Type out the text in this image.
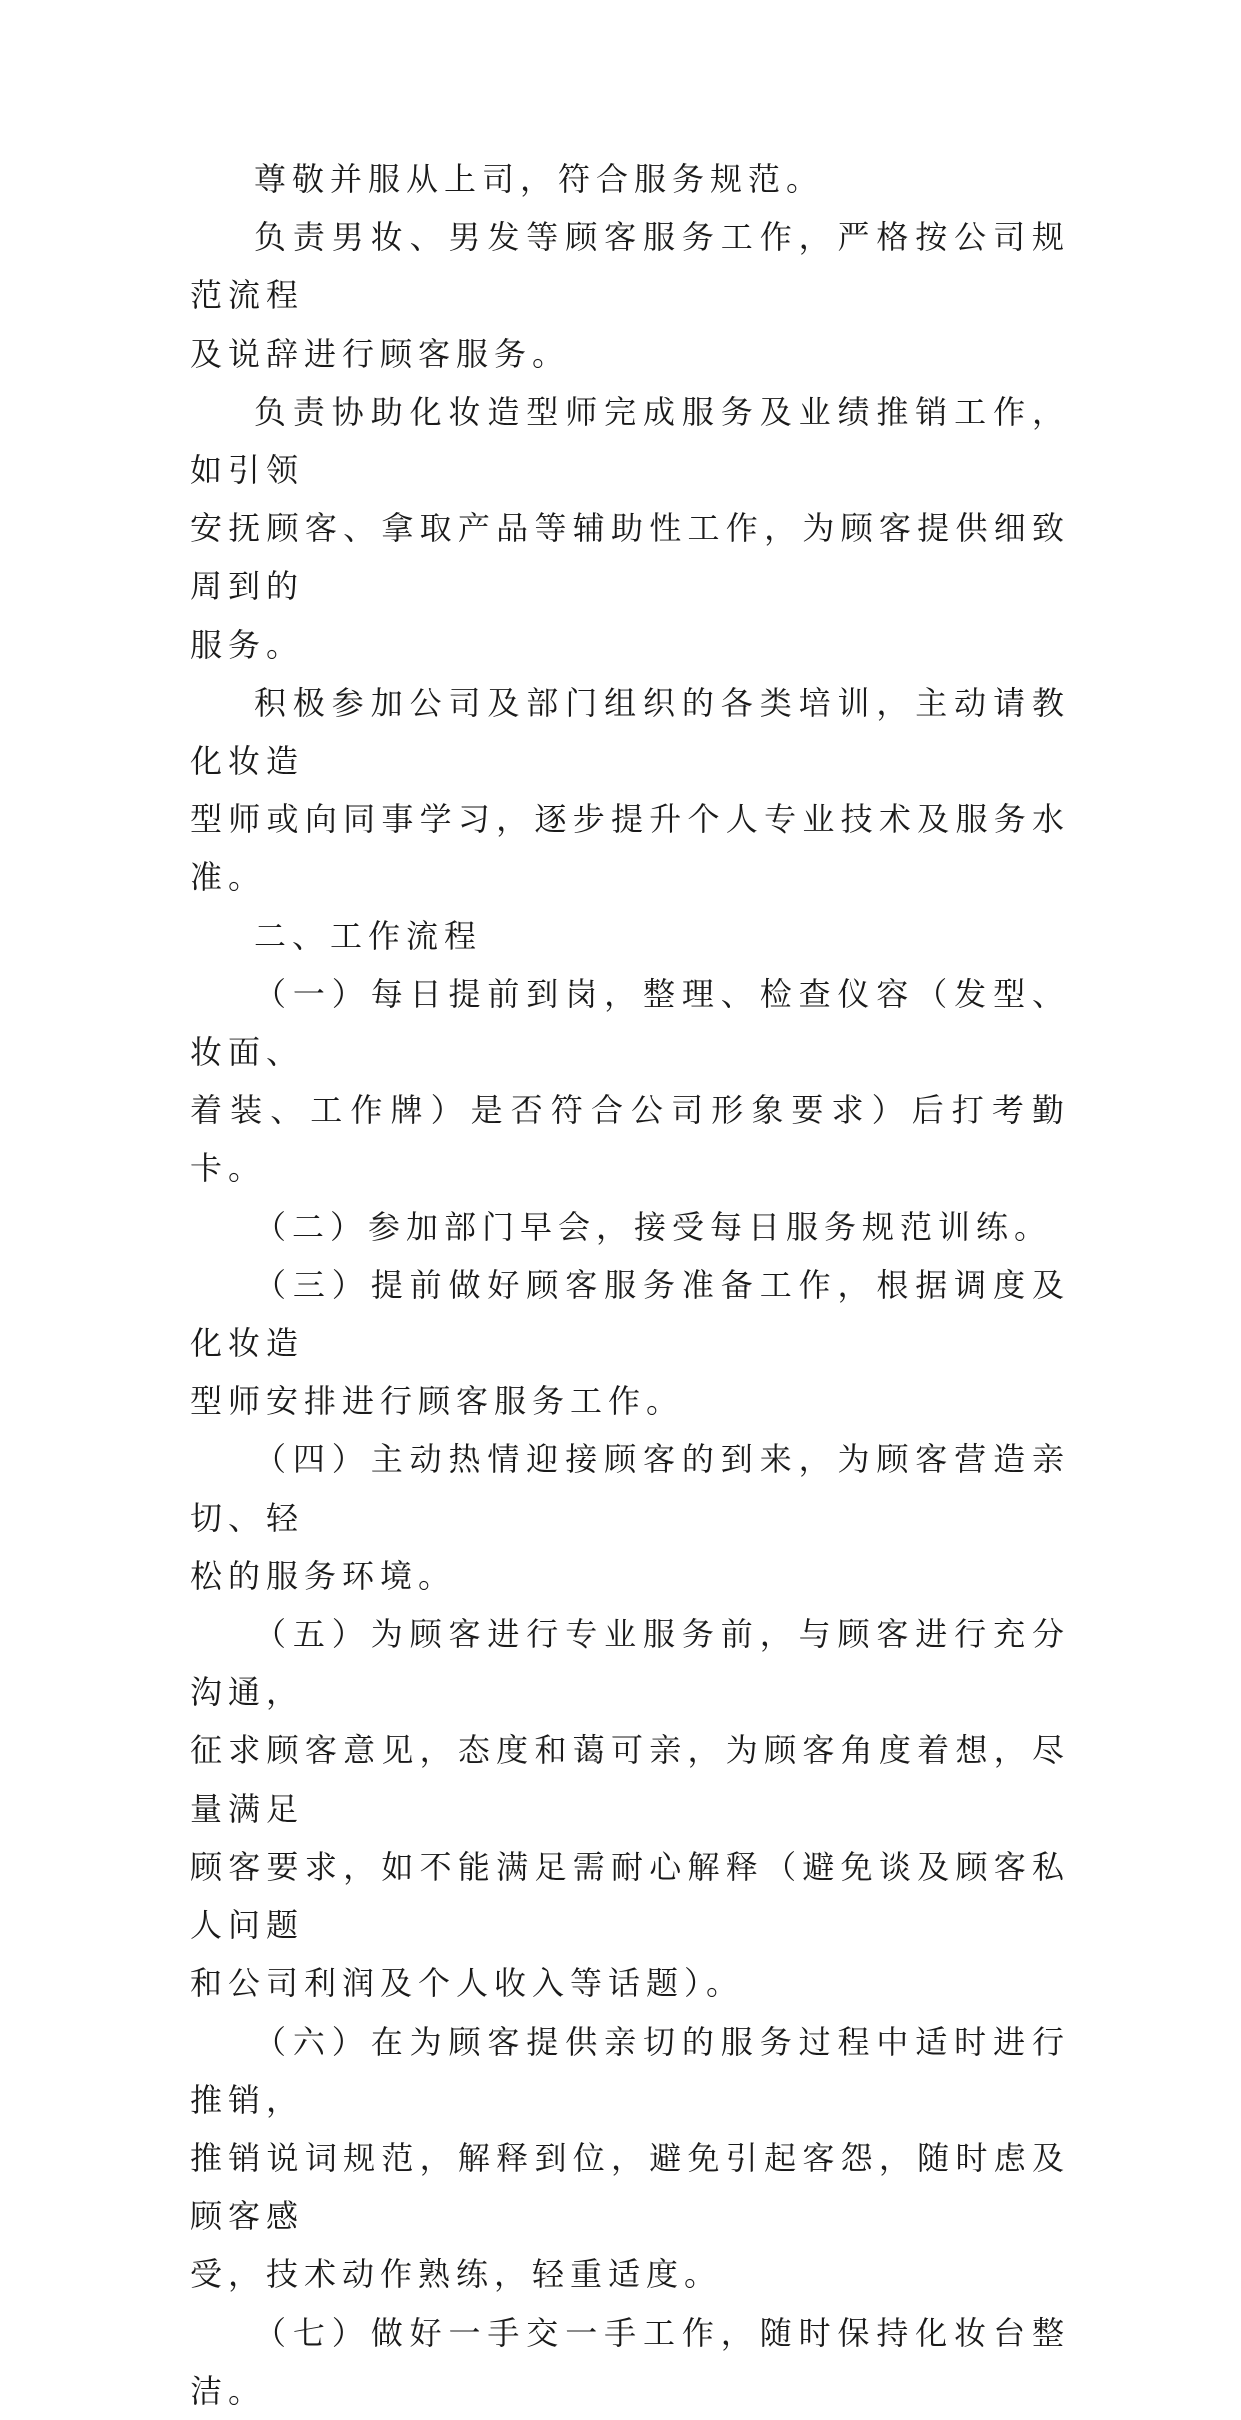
尊敬并服从上司，符合服务规范。

负责男妆、男发等顾客服务工作，严格按公司规范流程
及说辞进行顾客服务。

负责协助化妆造型师完成服务及业绩推销工作，如引领
安抚顾客、拿取产品等辅助性工作，为顾客提供细致周到的
服务。

积极参加公司及部门组织的各类培训，主动请教化妆造
型师或向同事学习，逐步提升个人专业技术及服务水准。

二、工作流程

（一）每日提前到岗，整理、检查仪容（发型、妆面、
着装、工作牌）是否符合公司形象要求）后打考勤卡。

（二）参加部门早会，接受每日服务规范训练。

（三）提前做好顾客服务准备工作，根据调度及化妆造
型师安排进行顾客服务工作。

（四）主动热情迎接顾客的到来，为顾客营造亲切、轻
松的服务环境。

（五）为顾客进行专业服务前，与顾客进行充分沟通，
征求顾客意见，态度和蔼可亲，为顾客角度着想，尽量满足
顾客要求，如不能满足需耐心解释（避免谈及顾客私人问题
和公司利润及个人收入等话题）。

（六）在为顾客提供亲切的服务过程中适时进行推销，
推销说词规范，解释到位，避免引起客怨，随时虑及顾客感
受，技术动作熟练，轻重适度。

（七）做好一手交一手工作，随时保持化妆台整洁。
